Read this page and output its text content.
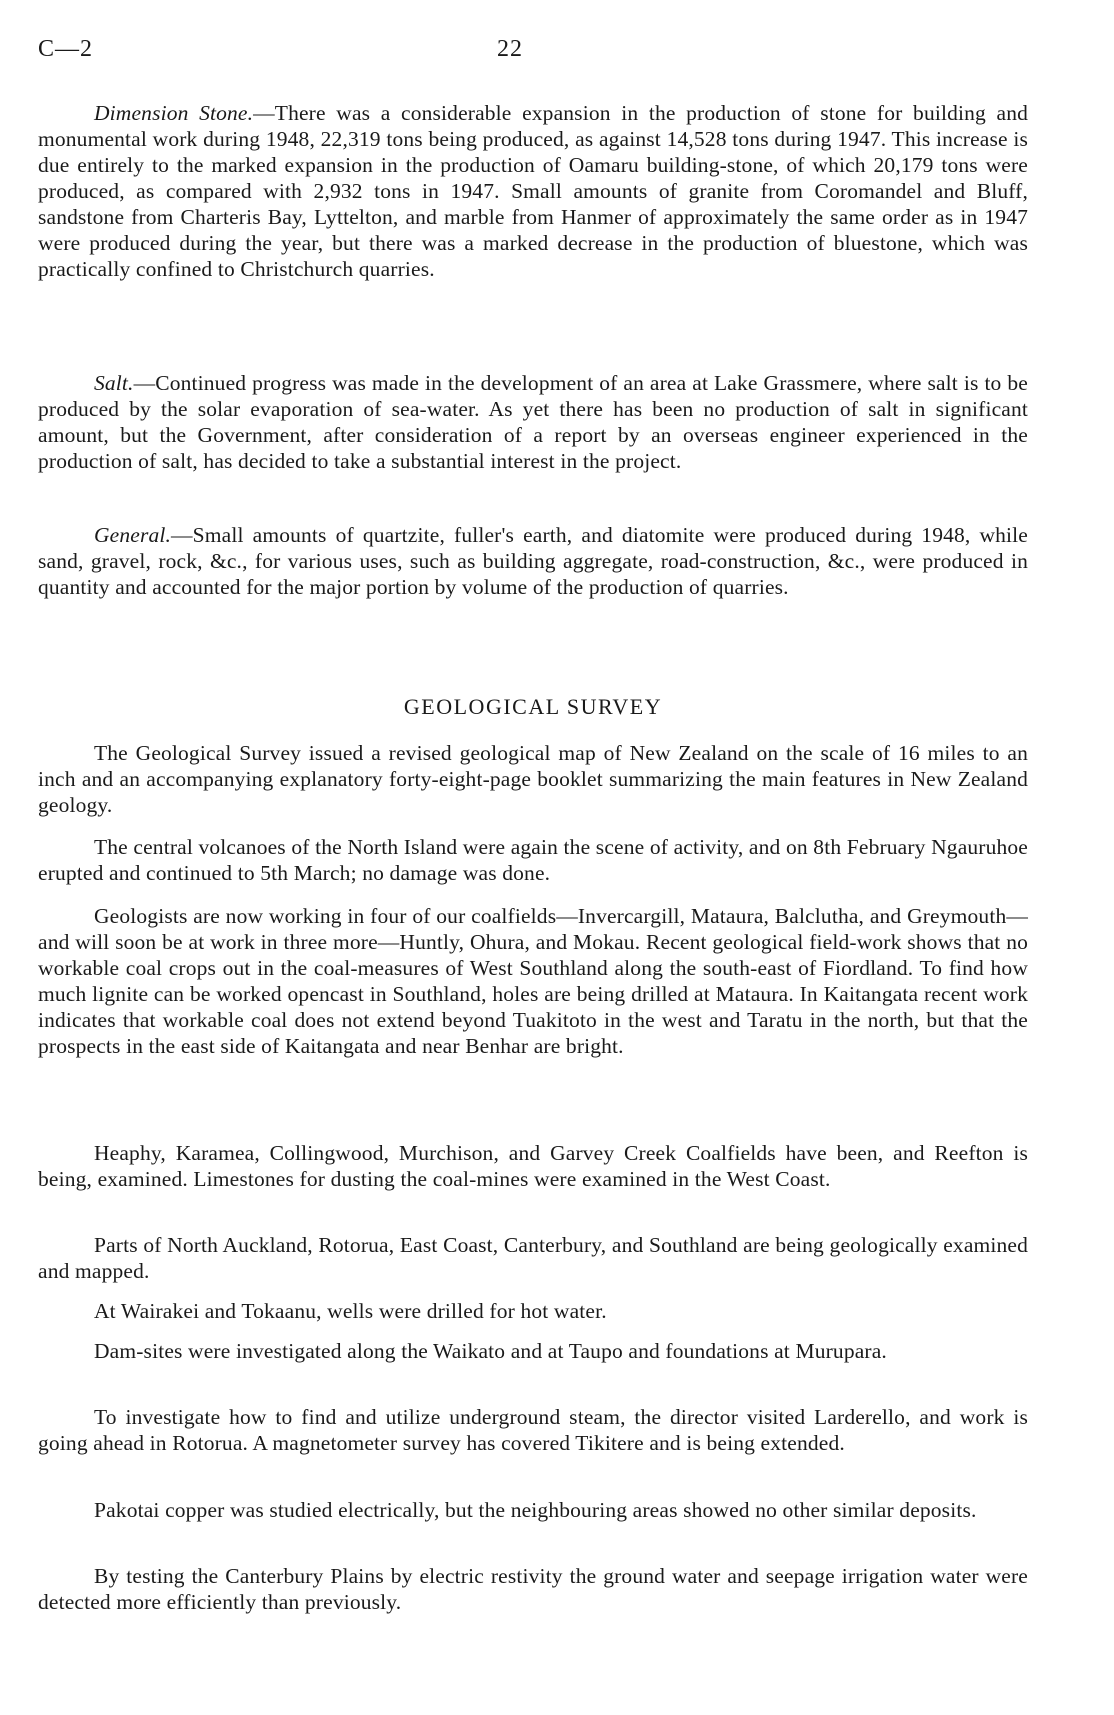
C—2	22

Dimension Stone.—There was a considerable expansion in the production of stone for building and monumental work during 1948, 22,319 tons being produced, as against 14,528 tons during 1947. This increase is due entirely to the marked expansion in the production of Oamaru building-stone, of which 20,179 tons were produced, as compared with 2,932 tons in 1947. Small amounts of granite from Coromandel and Bluff, sandstone from Charteris Bay, Lyttelton, and marble from Hanmer of approximately the same order as in 1947 were produced during the year, but there was a marked decrease in the production of bluestone, which was practically confined to Christchurch quarries.

Salt.—Continued progress was made in the development of an area at Lake Grassmere, where salt is to be produced by the solar evaporation of sea-water. As yet there has been no production of salt in significant amount, but the Government, after consideration of a report by an overseas engineer experienced in the production of salt, has decided to take a substantial interest in the project.

General.—Small amounts of quartzite, fuller's earth, and diatomite were produced during 1948, while sand, gravel, rock, &c., for various uses, such as building aggregate, road-construction, &c., were produced in quantity and accounted for the major portion by volume of the production of quarries.

GEOLOGICAL SURVEY

The Geological Survey issued a revised geological map of New Zealand on the scale of 16 miles to an inch and an accompanying explanatory forty-eight-page booklet summarizing the main features in New Zealand geology.

The central volcanoes of the North Island were again the scene of activity, and on 8th February Ngauruhoe erupted and continued to 5th March; no damage was done.

Geologists are now working in four of our coalfields—Invercargill, Mataura, Balclutha, and Greymouth—and will soon be at work in three more—Huntly, Ohura, and Mokau. Recent geological field-work shows that no workable coal crops out in the coal-measures of West Southland along the south-east of Fiordland. To find how much lignite can be worked opencast in Southland, holes are being drilled at Mataura. In Kaitangata recent work indicates that workable coal does not extend beyond Tuakitoto in the west and Taratu in the north, but that the prospects in the east side of Kaitangata and near Benhar are bright.

Heaphy, Karamea, Collingwood, Murchison, and Garvey Creek Coalfields have been, and Reefton is being, examined. Limestones for dusting the coal-mines were examined in the West Coast.

Parts of North Auckland, Rotorua, East Coast, Canterbury, and Southland are being geologically examined and mapped.

At Wairakei and Tokaanu, wells were drilled for hot water.

Dam-sites were investigated along the Waikato and at Taupo and foundations at Murupara.

To investigate how to find and utilize underground steam, the director visited Larderello, and work is going ahead in Rotorua. A magnetometer survey has covered Tikitere and is being extended.

Pakotai copper was studied electrically, but the neighbouring areas showed no other similar deposits.

By testing the Canterbury Plains by electric restivity the ground water and seepage irrigation water were detected more efficiently than previously.
